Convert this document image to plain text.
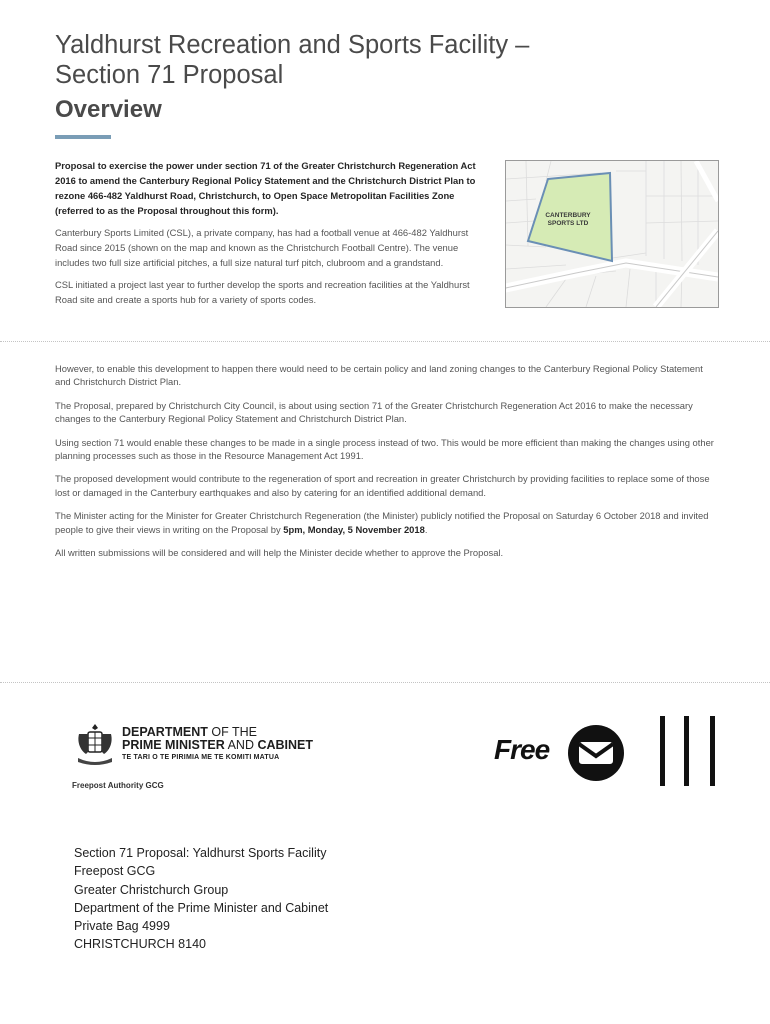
Yaldhurst Recreation and Sports Facility –
Section 71 Proposal
Overview

Proposal to exercise the power under section 71 of the Greater Christchurch Regeneration Act 2016 to amend the Canterbury Regional Policy Statement and the Christchurch District Plan to rezone 466-482 Yaldhurst Road, Christchurch, to Open Space Metropolitan Facilities Zone (referred to as the Proposal throughout this form).

Canterbury Sports Limited (CSL), a private company, has had a football venue at 466-482 Yaldhurst Road since 2015 (shown on the map and known as the Christchurch Football Centre). The venue includes two full size artificial pitches, a full size natural turf pitch, clubroom and a grandstand.

CSL initiated a project last year to further develop the sports and recreation facilities at the Yaldhurst Road site and create a sports hub for a variety of sports codes.

CANTERBURY
SPORTS LTD

However, to enable this development to happen there would need to be certain policy and land zoning changes to the Canterbury Regional Policy Statement and Christchurch District Plan.

The Proposal, prepared by Christchurch City Council, is about using section 71 of the Greater Christchurch Regeneration Act 2016 to make the necessary changes to the Canterbury Regional Policy Statement and Christchurch District Plan.

Using section 71 would enable these changes to be made in a single process instead of two. This would be more efficient than making the changes using other planning processes such as those in the Resource Management Act 1991.

The proposed development would contribute to the regeneration of sport and recreation in greater Christchurch by providing facilities to replace some of those lost or damaged in the Canterbury earthquakes and also by catering for an identified additional demand.

The Minister acting for the Minister for Greater Christchurch Regeneration (the Minister) publicly notified the Proposal on Saturday 6 October 2018 and invited people to give their views in writing on the Proposal by 5pm, Monday, 5 November 2018.

All written submissions will be considered and will help the Minister decide whether to approve the Proposal.

DEPARTMENT OF THE
PRIME MINISTER AND CABINET
TE TARI O TE PIRIMIA ME TE KOMITI MATUA
Freepost Authority GCG
Free
Section 71 Proposal: Yaldhurst Sports Facility
Freepost GCG
Greater Christchurch Group
Department of the Prime Minister and Cabinet
Private Bag 4999
CHRISTCHURCH 8140
